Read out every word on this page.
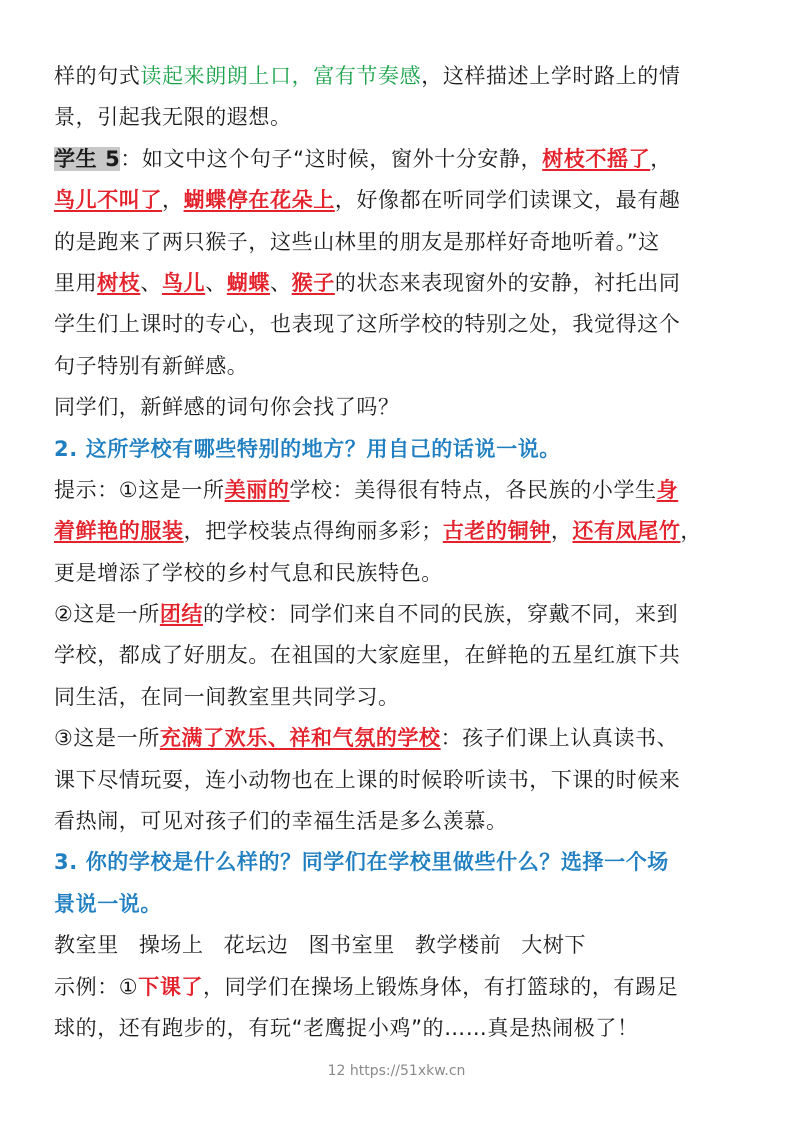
样的句式读起来朗朗上口，富有节奏感，这样描述上学时路上的情
景，引起我无限的遐想。
学生 5：如文中这个句子“这时候，窗外十分安静，树枝不摇了，
鸟儿不叫了，蝴蝶停在花朵上，好像都在听同学们读课文，最有趣
的是跑来了两只猴子，这些山林里的朋友是那样好奇地听着。”这
里用树枝、鸟儿、蝴蝶、猴子的状态来表现窗外的安静，衬托出同
学生们上课时的专心，也表现了这所学校的特别之处，我觉得这个
句子特别有新鲜感。
同学们，新鲜感的词句你会找了吗？
2. 这所学校有哪些特别的地方？用自己的话说一说。
提示：①这是一所美丽的学校：美得很有特点，各民族的小学生身
着鲜艳的服装，把学校装点得绚丽多彩；古老的铜钟，还有凤尾竹，
更是增添了学校的乡村气息和民族特色。
②这是一所团结的学校：同学们来自不同的民族，穿戴不同，来到
学校，都成了好朋友。在祖国的大家庭里，在鲜艳的五星红旗下共
同生活，在同一间教室里共同学习。
③这是一所充满了欢乐、祥和气氛的学校：孩子们课上认真读书、
课下尽情玩耍，连小动物也在上课的时候聆听读书，下课的时候来
看热闹，可见对孩子们的幸福生活是多么羡慕。
3. 你的学校是什么样的？同学们在学校里做些什么？选择一个场
景说一说。
教室里 操场上 花坛边 图书室里 教学楼前 大树下
示例：①下课了，同学们在操场上锻炼身体，有打篮球的，有踢足
球的，还有跑步的，有玩“老鹰捉小鸡”的……真是热闹极了！
12 https://51xkw.cn
